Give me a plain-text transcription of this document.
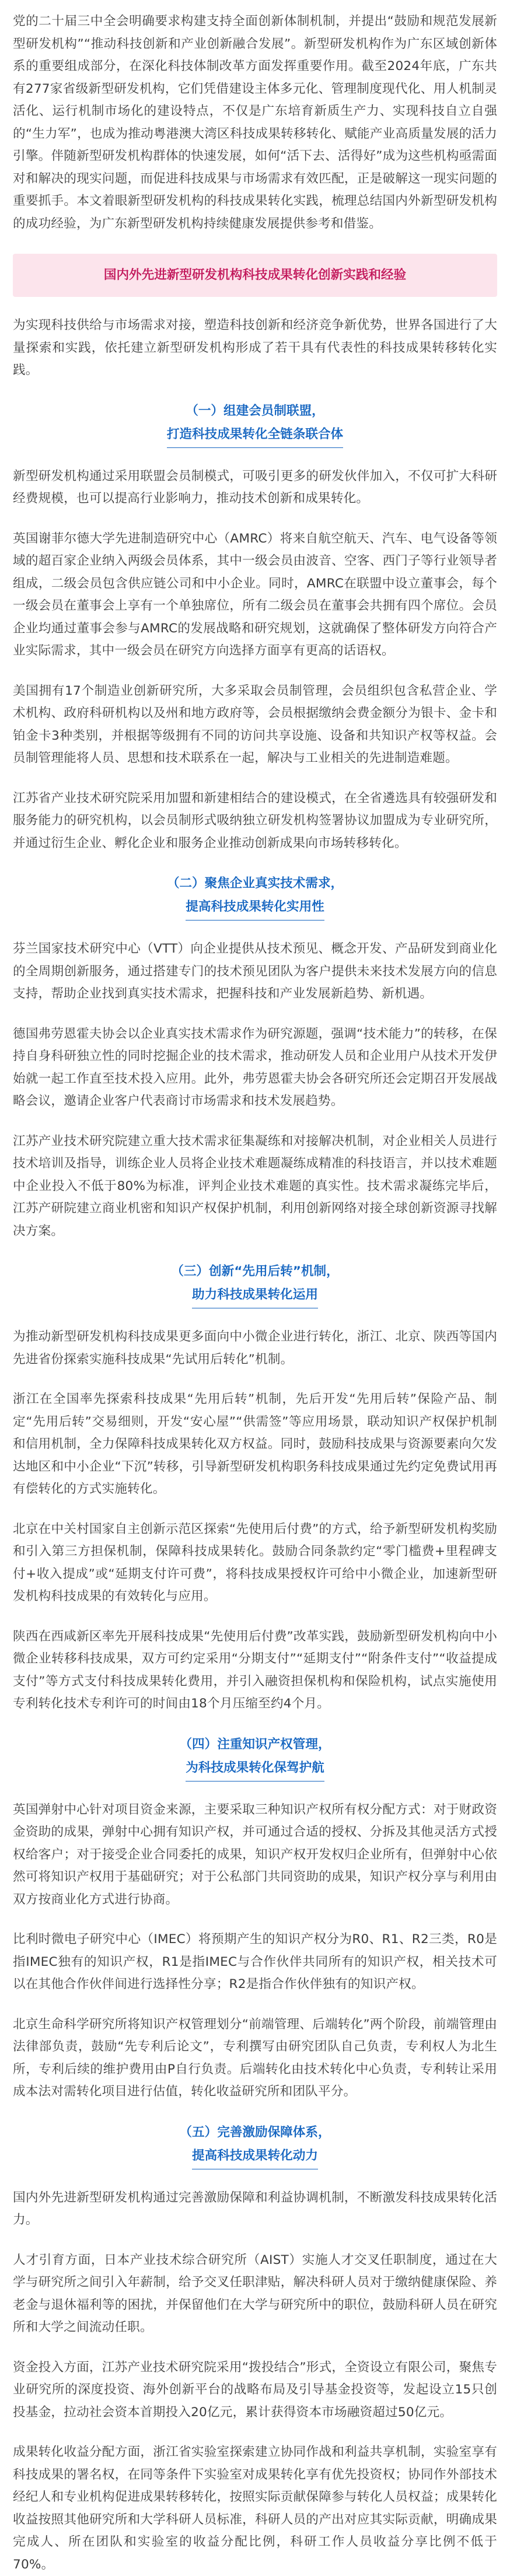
党的二十届三中全会明确要求构建支持全面创新体制机制，并提出“鼓励和规范发展新型研发机构”“推动科技创新和产业创新融合发展”。新型研发机构作为广东区域创新体系的重要组成部分，在深化科技体制改革方面发挥重要作用。截至2024年底，广东共有277家省级新型研发机构，它们凭借建设主体多元化、管理制度现代化、用人机制灵活化、运行机制市场化的建设特点，不仅是广东培育新质生产力、实现科技自立自强的“生力军”，也成为推动粤港澳大湾区科技成果转移转化、赋能产业高质量发展的活力引擎。伴随新型研发机构群体的快速发展，如何“活下去、活得好”成为这些机构亟需面对和解决的现实问题，而促进科技成果与市场需求有效匹配，正是破解这一现实问题的重要抓手。本文着眼新型研发机构的科技成果转化实践，梳理总结国内外新型研发机构的成功经验，为广东新型研发机构持续健康发展提供参考和借鉴。

国内外先进新型研发机构科技成果转化创新实践和经验

为实现科技供给与市场需求对接，塑造科技创新和经济竞争新优势，世界各国进行了大量探索和实践，依托建立新型研发机构形成了若干具有代表性的科技成果转移转化实践。

（一）组建会员制联盟，
打造科技成果转化全链条联合体

新型研发机构通过采用联盟会员制模式，可吸引更多的研发伙伴加入，不仅可扩大科研经费规模，也可以提高行业影响力，推动技术创新和成果转化。

英国谢菲尔德大学先进制造研究中心（AMRC）将来自航空航天、汽车、电气设备等领域的超百家企业纳入两级会员体系，其中一级会员由波音、空客、西门子等行业领导者组成，二级会员包含供应链公司和中小企业。同时，AMRC在联盟中设立董事会，每个一级会员在董事会上享有一个单独席位，所有二级会员在董事会共拥有四个席位。会员企业均通过董事会参与AMRC的发展战略和研究规划，这就确保了整体研发方向符合产业实际需求，其中一级会员在研究方向选择方面享有更高的话语权。

美国拥有17个制造业创新研究所，大多采取会员制管理，会员组织包含私营企业、学术机构、政府科研机构以及州和地方政府等，会员根据缴纳会费金额分为银卡、金卡和铂金卡3种类别，并根据等级拥有不同的访问共享设施、设备和共知识产权等权益。会员制管理能将人员、思想和技术联系在一起，解决与工业相关的先进制造难题。

江苏省产业技术研究院采用加盟和新建相结合的建设模式，在全省遴选具有较强研发和服务能力的研究机构，以会员制形式吸纳独立研发机构签署协议加盟成为专业研究所，并通过衍生企业、孵化企业和服务企业推动创新成果向市场转移转化。

（二）聚焦企业真实技术需求，
提高科技成果转化实用性

芬兰国家技术研究中心（VTT）向企业提供从技术预见、概念开发、产品研发到商业化的全周期创新服务，通过搭建专门的技术预见团队为客户提供未来技术发展方向的信息支持，帮助企业找到真实技术需求，把握科技和产业发展新趋势、新机遇。

德国弗劳恩霍夫协会以企业真实技术需求作为研究源题，强调“技术能力”的转移，在保持自身科研独立性的同时挖掘企业的技术需求，推动研发人员和企业用户从技术开发伊始就一起工作直至技术投入应用。此外，弗劳恩霍夫协会各研究所还会定期召开发展战略会议，邀请企业客户代表商讨市场需求和技术发展趋势。

江苏产业技术研究院建立重大技术需求征集凝练和对接解决机制，对企业相关人员进行技术培训及指导，训练企业人员将企业技术难题凝练成精准的科技语言，并以技术难题中企业投入不低于80%为标准，评判企业技术难题的真实性。技术需求凝练完毕后，江苏产研院建立商业机密和知识产权保护机制，利用创新网络对接全球创新资源寻找解决方案。

（三）创新“先用后转”机制，
助力科技成果转化运用

为推动新型研发机构科技成果更多面向中小微企业进行转化，浙江、北京、陕西等国内先进省份探索实施科技成果“先试用后转化”机制。

浙江在全国率先探索科技成果“先用后转”机制，先后开发“先用后转”保险产品、制定“先用后转”交易细则，开发“安心屋”“供需签”等应用场景，联动知识产权保护机制和信用机制，全力保障科技成果转化双方权益。同时，鼓励科技成果与资源要素向欠发达地区和中小企业“下沉”转移，引导新型研发机构职务科技成果通过先约定免费试用再有偿转化的方式实施转化。

北京在中关村国家自主创新示范区探索“先使用后付费”的方式，给予新型研发机构奖励和引入第三方担保机制，保障科技成果转化。鼓励合同条款约定“零门槛费+里程碑支付+收入提成”或“延期支付许可费”，将科技成果授权许可给中小微企业，加速新型研发机构科技成果的有效转化与应用。

陕西在西咸新区率先开展科技成果“先使用后付费”改革实践，鼓励新型研发机构向中小微企业转移科技成果，双方可约定采用“分期支付”“延期支付”“附条件支付”“收益提成支付”等方式支付科技成果转化费用，并引入融资担保机构和保险机构，试点实施使用专利转化技术专利许可的时间由18个月压缩至约4个月。

（四）注重知识产权管理，
为科技成果转化保驾护航

英国弹射中心针对项目资金来源，主要采取三种知识产权所有权分配方式：对于财政资金资助的成果，弹射中心拥有知识产权，并可通过合适的授权、分拆及其他灵活方式授权给客户；对于接受企业合同委托的成果，知识产权开发权归企业所有，但弹射中心依然可将知识产权用于基础研究；对于公私部门共同资助的成果，知识产权分享与利用由双方按商业化方式进行协商。

比利时微电子研究中心（IMEC）将预期产生的知识产权分为R0、R1、R2三类，R0是指IMEC独有的知识产权，R1是指IMEC与合作伙伴共同所有的知识产权，相关技术可以在其他合作伙伴间进行选择性分享；R2是指合作伙伴独有的知识产权。

北京生命科学研究所将知识产权管理划分“前端管理、后端转化”两个阶段，前端管理由法律部负责，鼓励“先专利后论文”，专利撰写由研究团队自己负责，专利权人为北生所，专利后续的维护费用由P自行负责。后端转化由技术转化中心负责，专利转让采用成本法对需转化项目进行估值，转化收益研究所和团队平分。

（五）完善激励保障体系，
提高科技成果转化动力

国内外先进新型研发机构通过完善激励保障和利益协调机制，不断激发科技成果转化活力。

人才引育方面，日本产业技术综合研究所（AIST）实施人才交叉任职制度，通过在大学与研究所之间引入年薪制，给予交叉任职津贴，解决科研人员对于缴纳健康保险、养老金与退休福利等的困扰，并保留他们在大学与研究所中的职位，鼓励科研人员在研究所和大学之间流动任职。

资金投入方面，江苏产业技术研究院采用“拨投结合”形式，全资设立有限公司，聚焦专业研究所的深度投资、海外创新平台的战略布局及引导基金投资等，发起设立15只创投基金，拉动社会资本首期投入20亿元，累计获得资本市场融资超过50亿元。

成果转化收益分配方面，浙江省实验室探索建立协同作战和利益共享机制，实验室享有科技成果的署名权，在同等条件下实验室对成果转化享有优先投资权；协同作外部技术经纪人和专业机构促进成果转移转化，按照实际贡献保障参与转化人员权益；成果转化收益按照其他研究所和大学科研人员标准，科研人员的产出对应其实际贡献，明确成果完成人、所在团队和实验室的收益分配比例，科研工作人员收益分享比例不低于70%。
